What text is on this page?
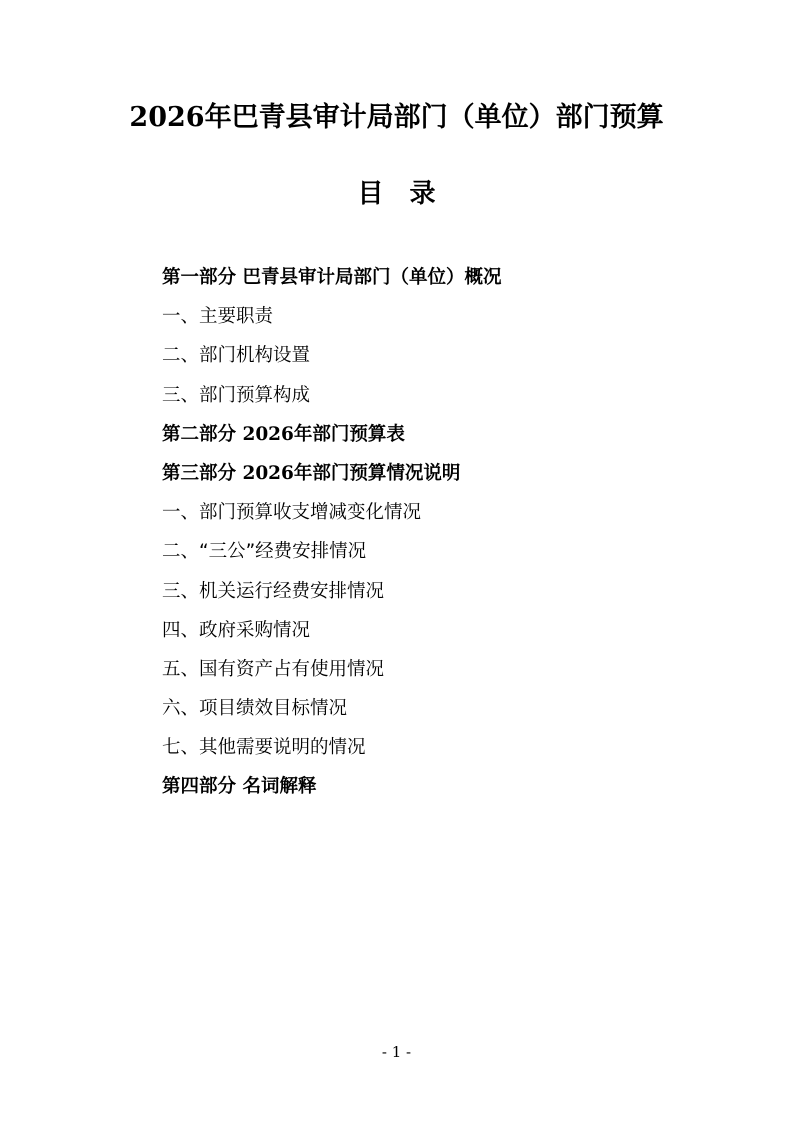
2026年巴青县审计局部门（单位）部门预算
目　录
第一部分 巴青县审计局部门（单位）概况
一、主要职责
二、部门机构设置
三、部门预算构成
第二部分 2026年部门预算表
第三部分 2026年部门预算情况说明
一、部门预算收支增减变化情况
二、“三公”经费安排情况
三、机关运行经费安排情况
四、政府采购情况
五、国有资产占有使用情况
六、项目绩效目标情况
七、其他需要说明的情况
第四部分 名词解释
- 1 -
